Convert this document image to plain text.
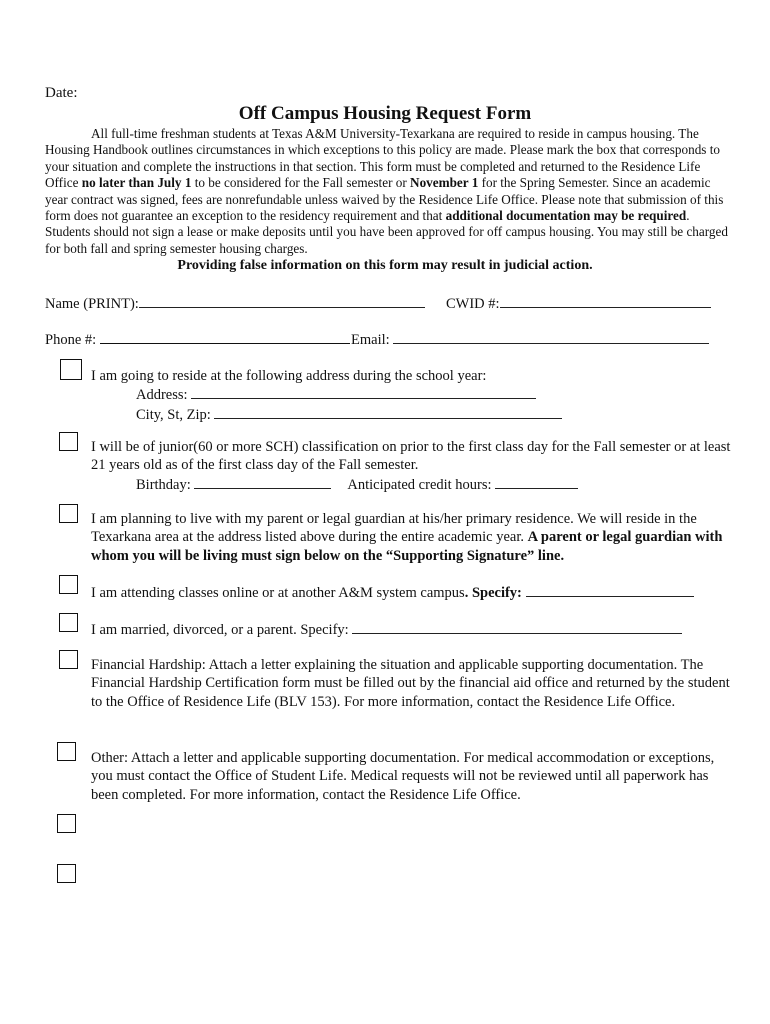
Date:
Off Campus Housing Request Form
All full-time freshman students at Texas A&M University-Texarkana are required to reside in campus housing. The Housing Handbook outlines circumstances in which exceptions to this policy are made. Please mark the box that corresponds to your situation and complete the instructions in that section. This form must be completed and returned to the Residence Life Office no later than July 1 to be considered for the Fall semester or November 1 for the Spring Semester. Since an academic year contract was signed, fees are nonrefundable unless waived by the Residence Life Office. Please note that submission of this form does not guarantee an exception to the residency requirement and that additional documentation may be required. Students should not sign a lease or make deposits until you have been approved for off campus housing. You may still be charged for both fall and spring semester housing charges.
Providing false information on this form may result in judicial action.
Name (PRINT):	CWID #:
Phone #:	Email:
I am going to reside at the following address during the school year:
Address:
City, St, Zip:
I will be of junior(60 or more SCH) classification on prior to the first class day for the Fall semester or at least 21 years old as of the first class day of the Fall semester.
Birthday:	Anticipated credit hours:
I am planning to live with my parent or legal guardian at his/her primary residence. We will reside in the Texarkana area at the address listed above during the entire academic year. A parent or legal guardian with whom you will be living must sign below on the “Supporting Signature” line.
I am attending classes online or at another A&M system campus. Specify:
I am married, divorced, or a parent. Specify:
Financial Hardship: Attach a letter explaining the situation and applicable supporting documentation. The Financial Hardship Certification form must be filled out by the financial aid office and returned by the student to the Office of Residence Life (BLV 153). For more information, contact the Residence Life Office.
Other: Attach a letter and applicable supporting documentation. For medical accommodation or exceptions, you must contact the Office of Student Life. Medical requests will not be reviewed until all paperwork has been completed. For more information, contact the Residence Life Office.
